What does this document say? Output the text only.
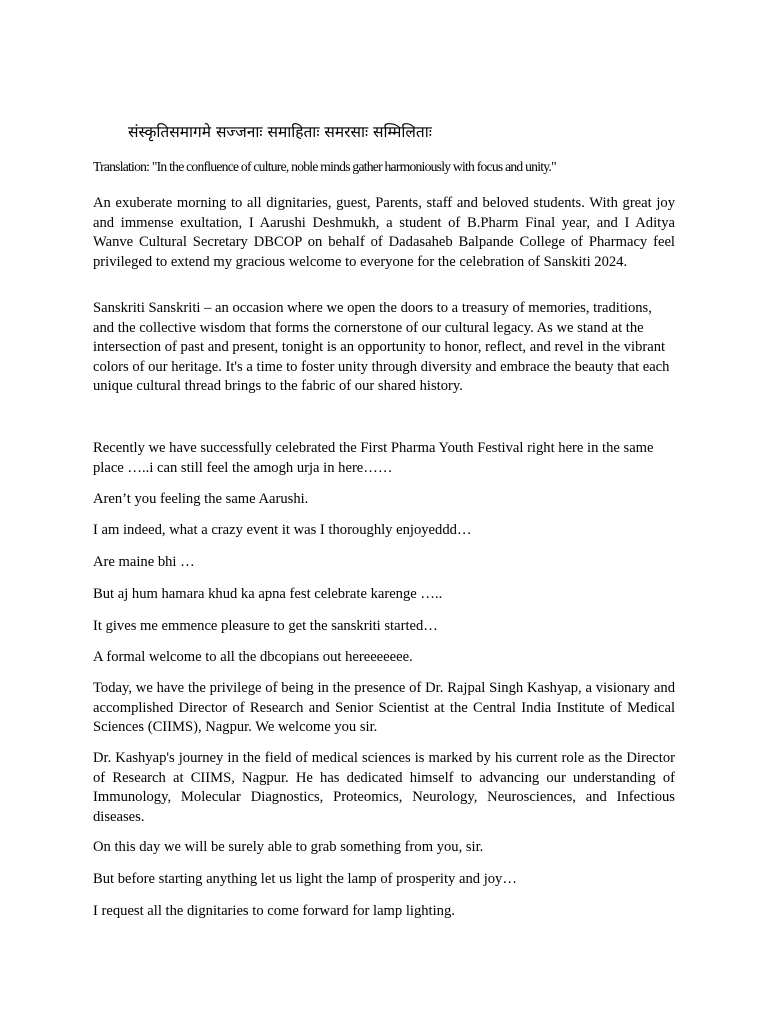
संस्कृतिसमागमे सज्जनाः समाहिताः समरसाः सम्मिलिताः
Translation: "In the confluence of culture, noble minds gather harmoniously with focus and unity."

An exuberate morning to all dignitaries, guest, Parents, staff and beloved students. With great joy and immense exultation, I Aarushi Deshmukh, a student of B.Pharm Final year, and I Aditya Wanve Cultural Secretary DBCOP on behalf of Dadasaheb Balpande College of Pharmacy feel privileged to extend my gracious welcome to everyone for the celebration of Sanskiti 2024.

Sanskriti Sanskriti – an occasion where we open the doors to a treasury of memories, traditions, and the collective wisdom that forms the cornerstone of our cultural legacy. As we stand at the intersection of past and present, tonight is an opportunity to honor, reflect, and revel in the vibrant colors of our heritage. It's a time to foster unity through diversity and embrace the beauty that each unique cultural thread brings to the fabric of our shared history.

Recently we have successfully celebrated the First Pharma Youth Festival right here in the same place …..i can still feel the amogh urja in here……

Aren’t you feeling the same Aarushi.

I am indeed, what a crazy event it was I thoroughly enjoyeddd…

Are maine bhi …

But aj hum hamara khud ka apna fest celebrate karenge …..

It gives me emmence pleasure to get the sanskriti started…

A formal welcome to all the dbcopians out hereeeeeee.

Today, we have the privilege of being in the presence of Dr. Rajpal Singh Kashyap, a visionary and accomplished Director of Research and Senior Scientist at the Central India Institute of Medical Sciences (CIIMS), Nagpur. We welcome you sir.

Dr. Kashyap's journey in the field of medical sciences is marked by his current role as the Director of Research at CIIMS, Nagpur. He has dedicated himself to advancing our understanding of Immunology, Molecular Diagnostics, Proteomics, Neurology, Neurosciences, and Infectious diseases.

On this day we will be surely able to grab something from you, sir.

But before starting anything let us light the lamp of prosperity and joy…

I request all the dignitaries to come forward for lamp lighting.
